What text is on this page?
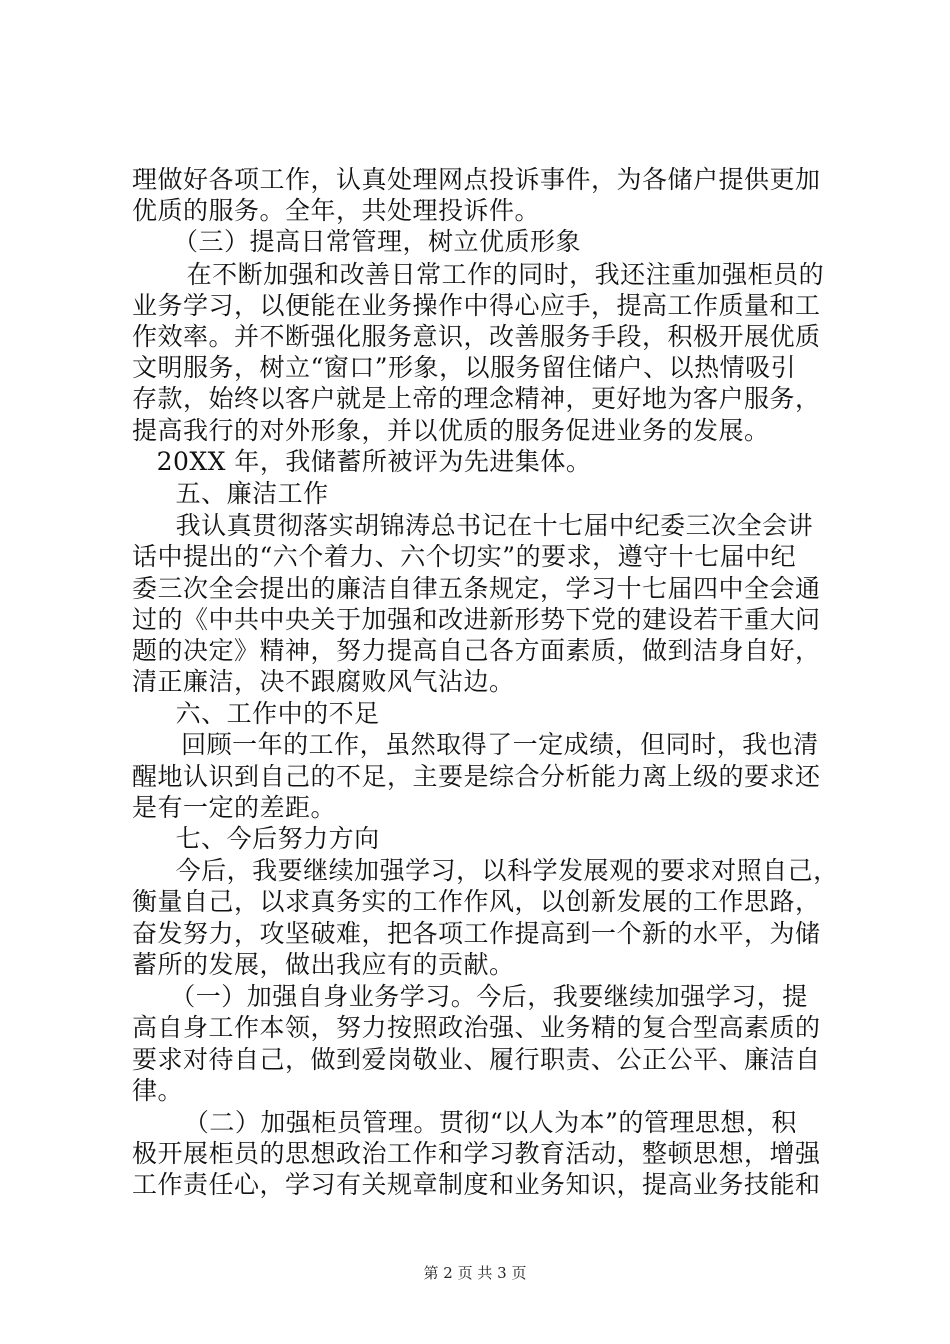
理做好各项工作，认真处理网点投诉事件，为各储户提供更加
优质的服务。全年，共处理投诉件。
（三）提高日常管理，树立优质形象
在不断加强和改善日常工作的同时，我还注重加强柜员的
业务学习，以便能在业务操作中得心应手，提高工作质量和工
作效率。并不断强化服务意识，改善服务手段，积极开展优质
文明服务，树立“窗口”形象，以服务留住储户、以热情吸引
存款，始终以客户就是上帝的理念精神，更好地为客户服务，
提高我行的对外形象，并以优质的服务促进业务的发展。
20XX 年，我储蓄所被评为先进集体。
五、廉洁工作
我认真贯彻落实胡锦涛总书记在十七届中纪委三次全会讲
话中提出的“六个着力、六个切实”的要求，遵守十七届中纪
委三次全会提出的廉洁自律五条规定，学习十七届四中全会通
过的《中共中央关于加强和改进新形势下党的建设若干重大问
题的决定》精神，努力提高自己各方面素质，做到洁身自好，
清正廉洁，决不跟腐败风气沾边。
六、工作中的不足
回顾一年的工作，虽然取得了一定成绩，但同时，我也清
醒地认识到自己的不足，主要是综合分析能力离上级的要求还
是有一定的差距。
七、今后努力方向
今后，我要继续加强学习，以科学发展观的要求对照自己，
衡量自己，以求真务实的工作作风，以创新发展的工作思路，
奋发努力，攻坚破难，把各项工作提高到一个新的水平，为储
蓄所的发展，做出我应有的贡献。
（一）加强自身业务学习。今后，我要继续加强学习，提
高自身工作本领，努力按照政治强、业务精的复合型高素质的
要求对待自己，做到爱岗敬业、履行职责、公正公平、廉洁自
律。
（二）加强柜员管理。贯彻“以人为本”的管理思想，积
极开展柜员的思想政治工作和学习教育活动，整顿思想，增强
工作责任心，学习有关规章制度和业务知识，提高业务技能和
第 2 页 共 3 页
